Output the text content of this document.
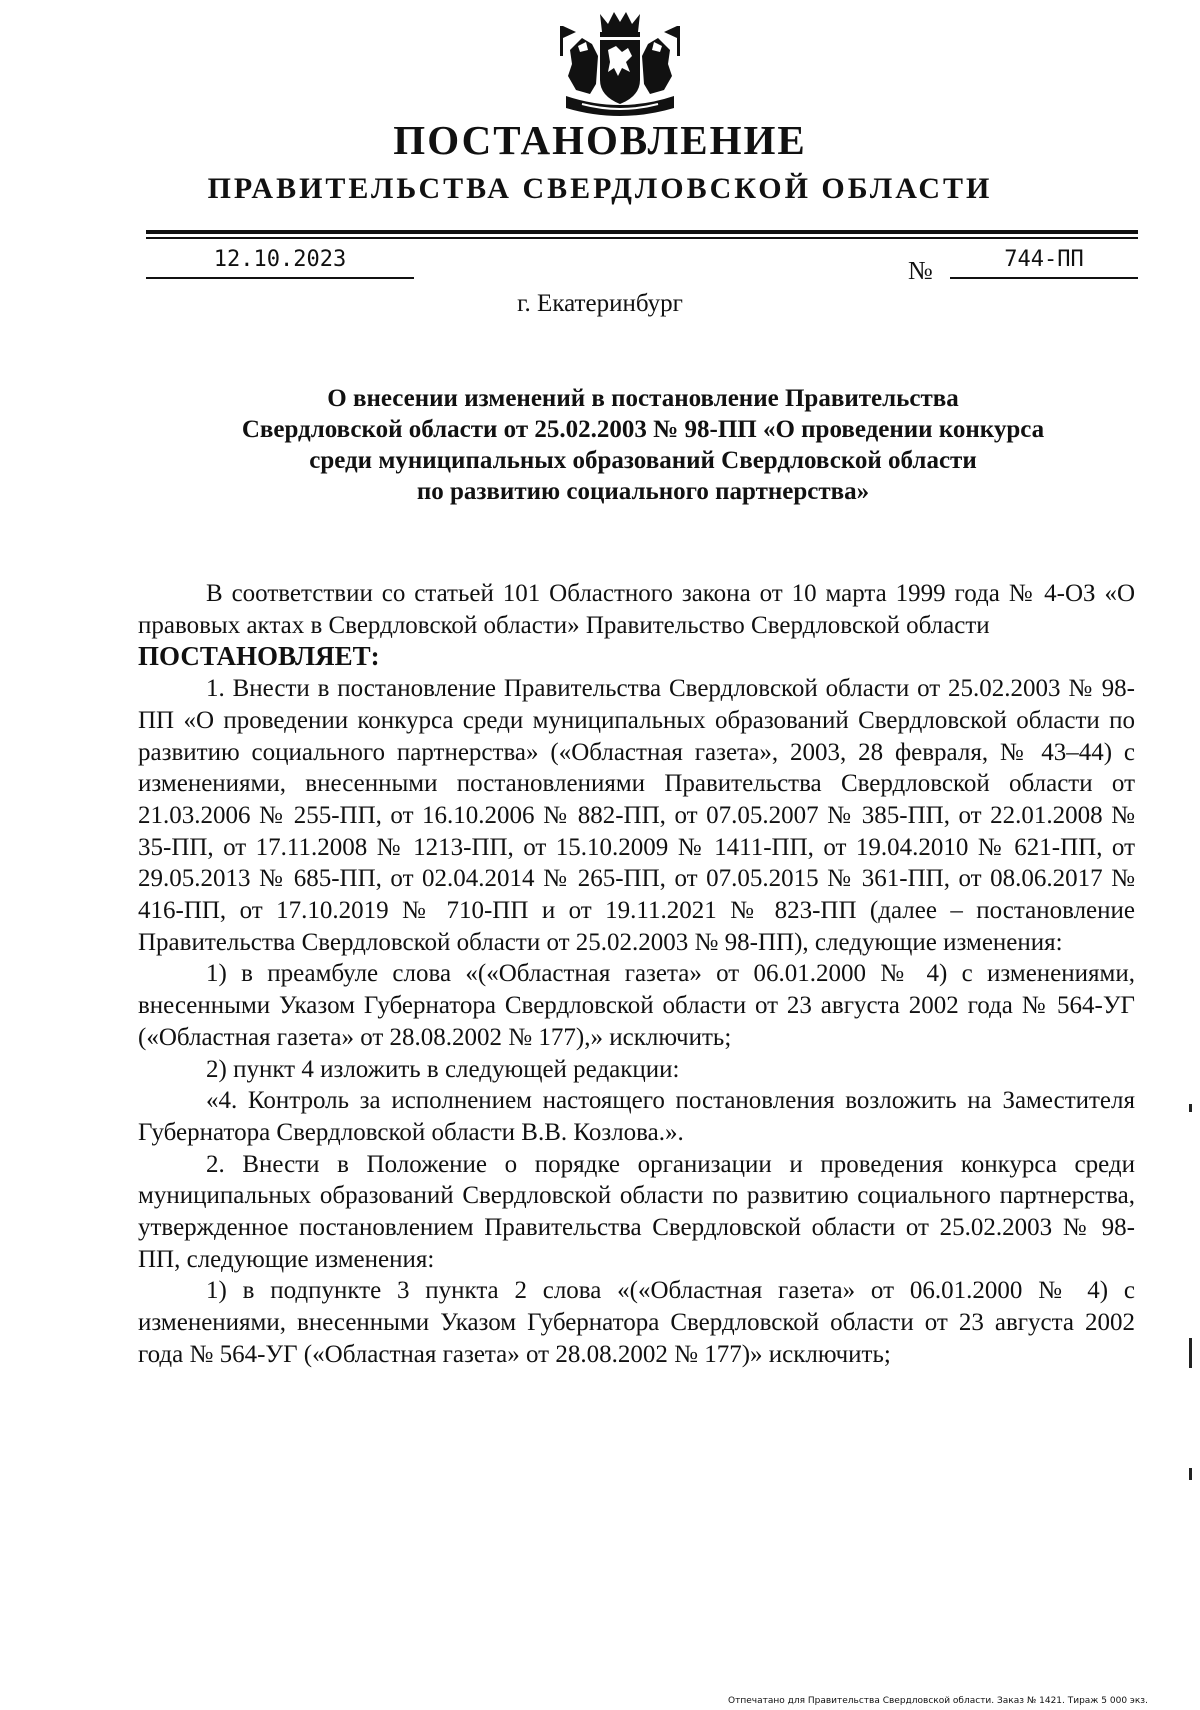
ПОСТАНОВЛЕНИЕ
ПРАВИТЕЛЬСТВА СВЕРДЛОВСКОЙ ОБЛАСТИ
12.10.2023	№	744-ПП
г. Екатеринбург
О внесении изменений в постановление Правительства
Свердловской области от 25.02.2003 № 98-ПП «О проведении конкурса
среди муниципальных образований Свердловской области
по развитию социального партнерства»

В соответствии со статьей 101 Областного закона от 10 марта 1999 года № 4-ОЗ «О правовых актах в Свердловской области» Правительство Свердловской области

ПОСТАНОВЛЯЕТ:

1. Внести в постановление Правительства Свердловской области от 25.02.2003 № 98-ПП «О проведении конкурса среди муниципальных образований Свердловской области по развитию социального партнерства» («Областная газета», 2003, 28 февраля, № 43–44) с изменениями, внесенными постановлениями Правительства Свердловской области от 21.03.2006 № 255-ПП, от 16.10.2006 № 882-ПП, от 07.05.2007 № 385-ПП, от 22.01.2008 № 35-ПП, от 17.11.2008 № 1213-ПП, от 15.10.2009 № 1411-ПП, от 19.04.2010 № 621-ПП, от 29.05.2013 № 685-ПП, от 02.04.2014 № 265-ПП, от 07.05.2015 № 361-ПП, от 08.06.2017 № 416-ПП, от 17.10.2019 № 710-ПП и от 19.11.2021 № 823-ПП (далее – постановление Правительства Свердловской области от 25.02.2003 № 98-ПП), следующие изменения:

1) в преамбуле слова «(«Областная газета» от 06.01.2000 № 4) с изменениями, внесенными Указом Губернатора Свердловской области от 23 августа 2002 года № 564-УГ («Областная газета» от 28.08.2002 № 177),» исключить;

2) пункт 4 изложить в следующей редакции:

«4. Контроль за исполнением настоящего постановления возложить на Заместителя Губернатора Свердловской области В.В. Козлова.».

2. Внести в Положение о порядке организации и проведения конкурса среди муниципальных образований Свердловской области по развитию социального партнерства, утвержденное постановлением Правительства Свердловской области от 25.02.2003 № 98-ПП, следующие изменения:

1) в подпункте 3 пункта 2 слова «(«Областная газета» от 06.01.2000 № 4) с изменениями, внесенными Указом Губернатора Свердловской области от 23 августа 2002 года № 564-УГ («Областная газета» от 28.08.2002 № 177)» исключить;

Отпечатано для Правительства Свердловской области. Заказ № 1421. Тираж 5 000 экз.
